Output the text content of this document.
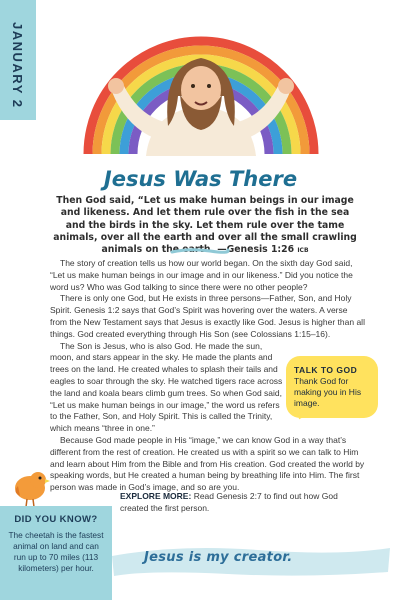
JANUARY 2
Jesus Was There
Then God said, “Let us make human beings in our image and likeness. And let them rule over the fish in the sea and the birds in the sky. Let them rule over the tame animals, over all the earth and over all the small crawling animals on the earth. —Genesis 1:26 ICB

The story of creation tells us how our world began. On the sixth day God said, “Let us make human beings in our image and in our likeness.” Did you notice the word us? Who was God talking to since there were no other people?

There is only one God, but He exists in three persons—Father, Son, and Holy Spirit. Genesis 1:2 says that God’s Spirit was hovering over the waters. A verse from the New Testament says that Jesus is exactly like God. Jesus is higher than all things. God created everything through His Son (see Colossians 1:15–16).

The Son is Jesus, who is also God. He made the sun, moon, and stars appear in the sky. He made the plants and trees on the land. He created whales to splash their tails and eagles to soar through the sky. He watched tigers race across the land and koala bears climb gum trees. So when God said, “Let us make human beings in our image,” the word us refers to the Father, Son, and Holy Spirit. This is called the Trinity, which means “three in one.”

Because God made people in His “image,” we can know God in a way that’s different from the rest of creation. He created us with a spirit so we can talk to Him and learn about Him from the Bible and from His creation. God created the world by speaking words, but He created a human being by breathing life into Him. The first person was made in God’s image, and so are you.

TALK TO GOD
Thank God for making you in His image.
EXPLORE MORE: Read Genesis 2:7 to find out how God created the first person.
DID YOU KNOW?
The cheetah is the fastest animal on land and can run up to 70 miles (113 kilometers) per hour.
Jesus is my creator.
